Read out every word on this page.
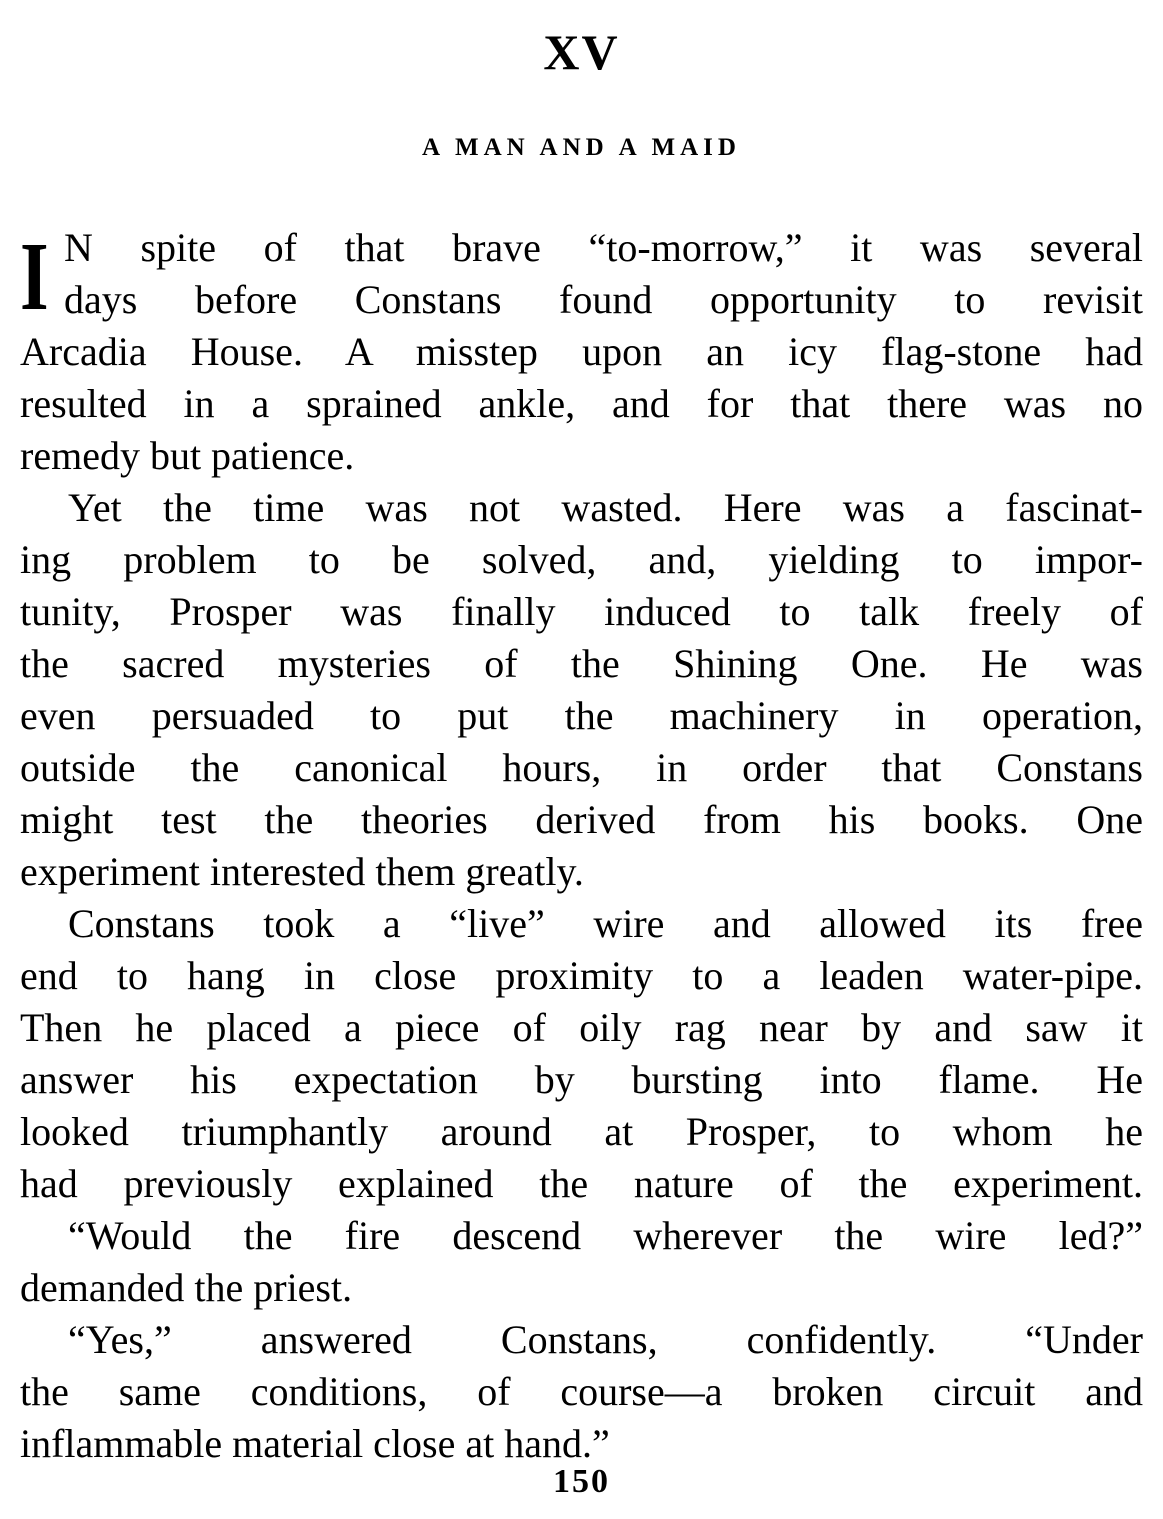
XV
A MAN AND A MAID
I N spite of that brave “to-morrow,” it was several
days before Constans found opportunity to revisit
Arcadia House. A misstep upon an icy flag-stone had
resulted in a sprained ankle, and for that there was no
remedy but patience.
Yet the time was not wasted. Here was a fascinat-
ing problem to be solved, and, yielding to impor-
tunity, Prosper was finally induced to talk freely of
the sacred mysteries of the Shining One. He was
even persuaded to put the machinery in operation,
outside the canonical hours, in order that Constans
might test the theories derived from his books. One
experiment interested them greatly.
Constans took a “live” wire and allowed its free
end to hang in close proximity to a leaden water-pipe.
Then he placed a piece of oily rag near by and saw it
answer his expectation by bursting into flame. He
looked triumphantly around at Prosper, to whom he
had previously explained the nature of the experiment.
“Would the fire descend wherever the wire led?”
demanded the priest.
“Yes,” answered Constans, confidently. “Under
the same conditions, of course—a broken circuit and
inflammable material close at hand.”
150
